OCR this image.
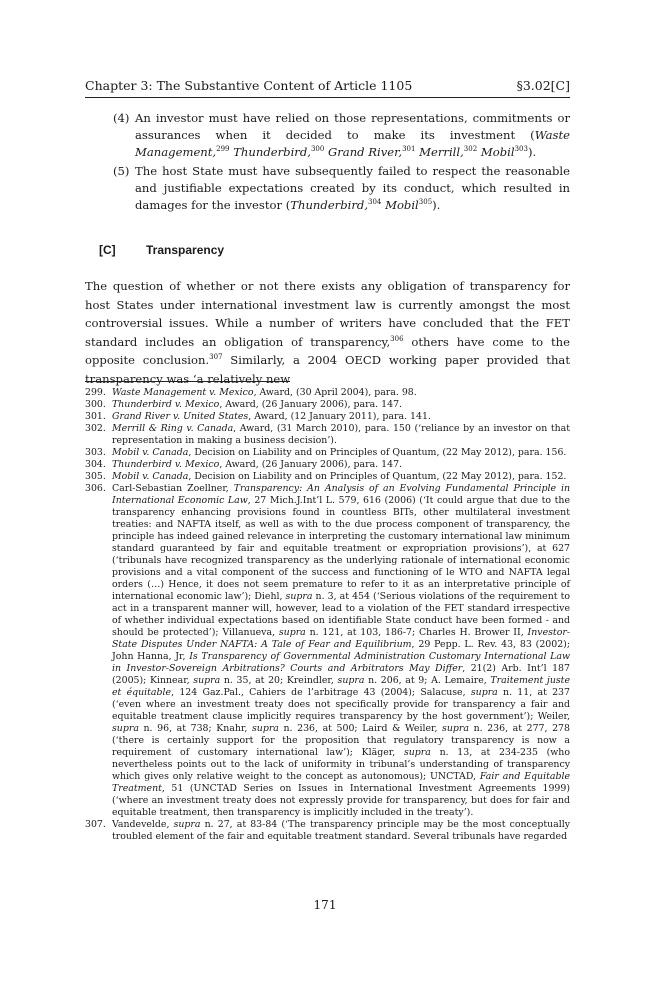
Chapter 3: The Substantive Content of Article 1105	§3.02[C]
(4) An investor must have relied on those representations, commitments or assurances when it decided to make its investment (Waste Management,$^{299}$ Thunderbird,$^{300}$ Grand River,$^{301}$ Merrill,$^{302}$ Mobil$^{303}$).
(5) The host State must have subsequently failed to respect the reasonable and justifiable expectations created by its conduct, which resulted in damages for the investor (Thunderbird,$^{304}$ Mobil$^{305}$).
[C]	Transparency
The question of whether or not there exists any obligation of transparency for host States under international investment law is currently amongst the most controversial issues. While a number of writers have concluded that the FET standard includes an obligation of transparency,$^{306}$ others have come to the opposite conclusion.$^{307}$ Similarly, a 2004 OECD working paper provided that transparency was ‘a relatively new
299. Waste Management v. Mexico, Award, (30 April 2004), para. 98.
300. Thunderbird v. Mexico, Award, (26 January 2006), para. 147.
301. Grand River v. United States, Award, (12 January 2011), para. 141.
302. Merrill & Ring v. Canada, Award, (31 March 2010), para. 150 (‘reliance by an investor on that representation in making a business decision’).
303. Mobil v. Canada, Decision on Liability and on Principles of Quantum, (22 May 2012), para. 156.
304. Thunderbird v. Mexico, Award, (26 January 2006), para. 147.
305. Mobil v. Canada, Decision on Liability and on Principles of Quantum, (22 May 2012), para. 152.
306. Carl-Sebastian Zoellner, Transparency: An Analysis of an Evolving Fundamental Principle in International Economic Law, 27 Mich.J.Int’l L. 579, 616 (2006) (‘It could argue that due to the transparency enhancing provisions found in countless BITs, other multilateral investment treaties: and NAFTA itself, as well as with to the due process component of transparency, the principle has indeed gained relevance in interpreting the customary international law minimum standard guaranteed by fair and equitable treatment or expropriation provisions’), at 627 (‘tribunals have recognized transparency as the underlying rationale of international economic provisions and a vital component of the success and functioning of le WTO and NAFTA legal orders (…) Hence, it does not seem premature to refer to it as an interpretative principle of international economic law’); Diehl, supra n. 3, at 454 (‘Serious violations of the requirement to act in a transparent manner will, however, lead to a violation of the FET standard irrespective of whether individual expectations based on identifiable State conduct have been formed - and should be protected’); Villanueva, supra n. 121, at 103, 186-7; Charles H. Brower II, Investor-State Disputes Under NAFTA: A Tale of Fear and Equilibrium, 29 Pepp. L. Rev. 43, 83 (2002); John Hanna, Jr, Is Transparency of Governmental Administration Customary International Law in Investor-Sovereign Arbitrations? Courts and Arbitrators May Differ, 21(2) Arb. Int’l 187 (2005); Kinnear, supra n. 35, at 20; Kreindler, supra n. 206, at 9; A. Lemaire, Traitement juste et équitable, 124 Gaz.Pal., Cahiers de l’arbitrage 43 (2004); Salacuse, supra n. 11, at 237 (‘even where an investment treaty does not specifically provide for transparency a fair and equitable treatment clause implicitly requires transparency by the host government’); Weiler, supra n. 96, at 738; Knahr, supra n. 236, at 500; Laird & Weiler, supra n. 236, at 277, 278 (‘there is certainly support for the proposition that regulatory transparency is now a requirement of customary international law’); Kläger, supra n. 13, at 234-235 (who nevertheless points out to the lack of uniformity in tribunal’s understanding of transparency which gives only relative weight to the concept as autonomous); UNCTAD, Fair and Equitable Treatment, 51 (UNCTAD Series on Issues in International Investment Agreements 1999) (‘where an investment treaty does not expressly provide for transparency, but does for fair and equitable treatment, then transparency is implicitly included in the treaty’).
307. Vandevelde, supra n. 27, at 83-84 (‘The transparency principle may be the most conceptually troubled element of the fair and equitable treatment standard. Several tribunals have regarded
171
